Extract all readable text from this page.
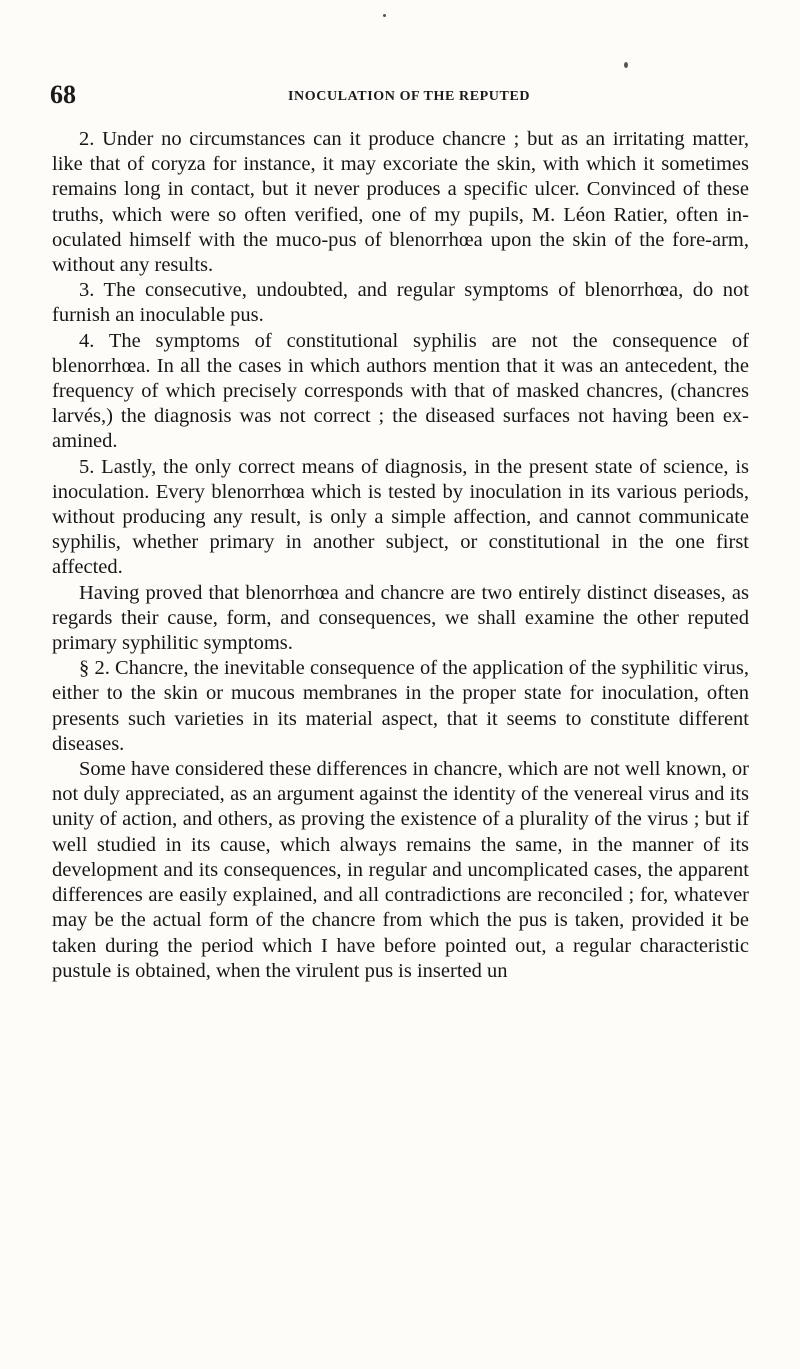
68	INOCULATION OF THE REPUTED

2. Under no circumstances can it produce chancre ; but as an irritating matter, like that of coryza for instance, it may excoriate the skin, with which it sometimes remains long in contact, but it never produces a specific ulcer. Convinced of these truths, which were so often verified, one of my pupils, M. Léon Ratier, often inoculated himself with the muco-pus of blenorrhœa upon the skin of the fore-arm, without any results.

3. The consecutive, undoubted, and regular symptoms of blenorrhœa, do not furnish an inoculable pus.

4. The symptoms of constitutional syphilis are not the consequence of blenorrhœa. In all the cases in which authors mention that it was an antecedent, the frequency of which precisely corresponds with that of masked chancres, (chancres larvés,) the diagnosis was not correct ; the diseased surfaces not having been examined.

5. Lastly, the only correct means of diagnosis, in the present state of science, is inoculation. Every blenorrhœa which is tested by inoculation in its various periods, without producing any result, is only a simple affection, and cannot communicate syphilis, whether primary in another subject, or constitutional in the one first affected.

Having proved that blenorrhœa and chancre are two entirely distinct diseases, as regards their cause, form, and consequences, we shall examine the other reputed primary syphilitic symptoms.

§ 2. Chancre, the inevitable consequence of the application of the syphilitic virus, either to the skin or mucous membranes in the proper state for inoculation, often presents such varieties in its material aspect, that it seems to constitute different diseases.

Some have considered these differences in chancre, which are not well known, or not duly appreciated, as an argument against the identity of the venereal virus and its unity of action, and others, as proving the existence of a plurality of the virus ; but if well studied in its cause, which always remains the same, in the manner of its development and its consequences, in regular and uncomplicated cases, the apparent differences are easily explained, and all contradictions are reconciled ; for, whatever may be the actual form of the chancre from which the pus is taken, provided it be taken during the period which I have before pointed out, a regular characteristic pustule is obtained, when the virulent pus is inserted un
